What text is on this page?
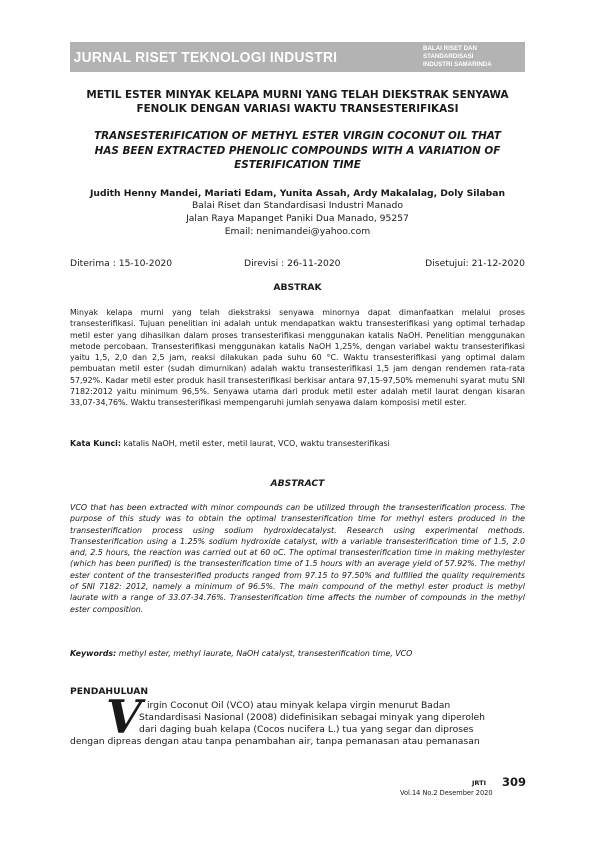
JURNAL RISET TEKNOLOGI INDUSTRI	BALAI RISET DAN STANDARDISASI
INDUSTRI SAMARINDA
METIL ESTER MINYAK KELAPA MURNI YANG TELAH DIEKSTRAK SENYAWA
FENOLIK DENGAN VARIASI WAKTU TRANSESTERIFIKASI
TRANSESTERIFICATION OF METHYL ESTER VIRGIN COCONUT OIL THAT
HAS BEEN EXTRACTED PHENOLIC COMPOUNDS WITH A VARIATION OF
ESTERIFICATION TIME
Judith Henny Mandei, Mariati Edam, Yunita Assah, Ardy Makalalag, Doly Silaban
Balai Riset dan Standardisasi Industri Manado
Jalan Raya Mapanget Paniki Dua Manado, 95257
Email: nenimandei@yahoo.com
Diterima : 15-10-2020	Direvisi : 26-11-2020	Disetujui: 21-12-2020
ABSTRAK

Minyak kelapa murni yang telah diekstraksi senyawa minornya dapat dimanfaatkan melalui proses transesterifikasi. Tujuan penelitian ini adalah untuk mendapatkan waktu transesterifikasi yang optimal terhadap metil ester yang dihasilkan dalam proses transesterifikasi menggunakan katalis NaOH. Penelitian menggunakan metode percobaan. Transesterifikasi menggunakan katalis NaOH 1,25%, dengan variabel waktu transesterifikasi yaitu 1,5, 2,0 dan 2,5 jam, reaksi dilakukan pada suhu 60 °C. Waktu transesterifikasi yang optimal dalam pembuatan metil ester (sudah dimurnikan) adalah waktu transesterifikasi 1,5 jam dengan rendemen rata-rata 57,92%. Kadar metil ester produk hasil transesterifikasi berkisar antara 97,15-97,50% memenuhi syarat mutu SNI 7182:2012 yaitu minimum 96,5%. Senyawa utama dari produk metil ester adalah metil laurat dengan kisaran 33,07-34,76%. Waktu transesterifikasi mempengaruhi jumlah senyawa dalam komposisi metil ester.

Kata Kunci: katalis NaOH, metil ester, metil laurat, VCO, waktu transesterifikasi
ABSTRACT

VCO that has been extracted with minor compounds can be utilized through the transesterification process. The purpose of this study was to obtain the optimal transesterification time for methyl esters produced in the transesterification process using sodium hydroxidecatalyst. Research using experimental methods. Transesterification using a 1.25% sodium hydroxide catalyst, with a variable transesterification time of 1.5, 2.0 and, 2.5 hours, the reaction was carried out at 60 oC. The optimal transesterification time in making methylester (which has been purified) is the transesterification time of 1.5 hours with an average yield of 57.92%. The methyl ester content of the transesterified products ranged from 97.15 to 97.50% and fulfilled the quality requirements of SNI 7182: 2012, namely a minimum of 96.5%. The main compound of the methyl ester product is methyl laurate with a range of 33.07-34.76%. Transesterification time affects the number of compounds in the methyl ester composition.

Keywords: methyl ester, methyl laurate, NaOH catalyst, transesterification time, VCO
PENDAHULUAN
V irgin Coconut Oil (VCO) atau minyak kelapa virgin menurut Badan
Standardisasi Nasional (2008) didefinisikan sebagai minyak yang diperoleh
dari daging buah kelapa (Cocos nucifera L.) tua yang segar dan diproses
dengan dipreas dengan atau tanpa penambahan air, tanpa pemanasan atau pemanasan
JRTI 309
Vol.14 No.2 Desember 2020
